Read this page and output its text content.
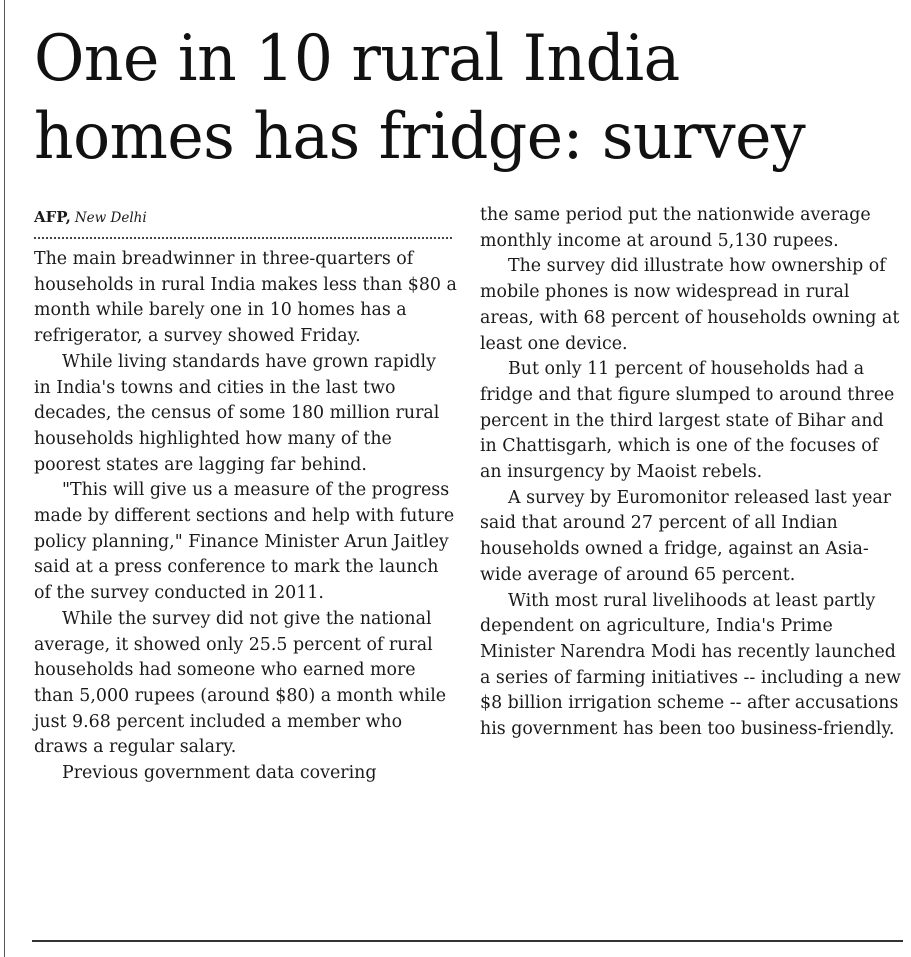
One in 10 rural India homes has fridge: survey
AFP, New Delhi

The main breadwinner in three-quarters of households in rural India makes less than $80 a month while barely one in 10 homes has a refrigerator, a survey showed Friday.

While living standards have grown rapidly in India's towns and cities in the last two decades, the census of some 180 million rural households highlighted how many of the poorest states are lagging far behind.

"This will give us a measure of the progress made by different sections and help with future policy planning," Finance Minister Arun Jaitley said at a press conference to mark the launch of the survey conducted in 2011.

While the survey did not give the national average, it showed only 25.5 percent of rural households had someone who earned more than 5,000 rupees (around $80) a month while just 9.68 percent included a member who draws a regular salary.

Previous government data covering

the same period put the nationwide average monthly income at around 5,130 rupees.

The survey did illustrate how ownership of mobile phones is now widespread in rural areas, with 68 percent of households owning at least one device.

But only 11 percent of households had a fridge and that figure slumped to around three percent in the third largest state of Bihar and in Chattisgarh, which is one of the focuses of an insurgency by Maoist rebels.

A survey by Euromonitor released last year said that around 27 percent of all Indian households owned a fridge, against an Asia-wide average of around 65 percent.

With most rural livelihoods at least partly dependent on agriculture, India's Prime Minister Narendra Modi has recently launched a series of farming initiatives -- including a new $8 billion irrigation scheme -- after accusations his government has been too business-friendly.
